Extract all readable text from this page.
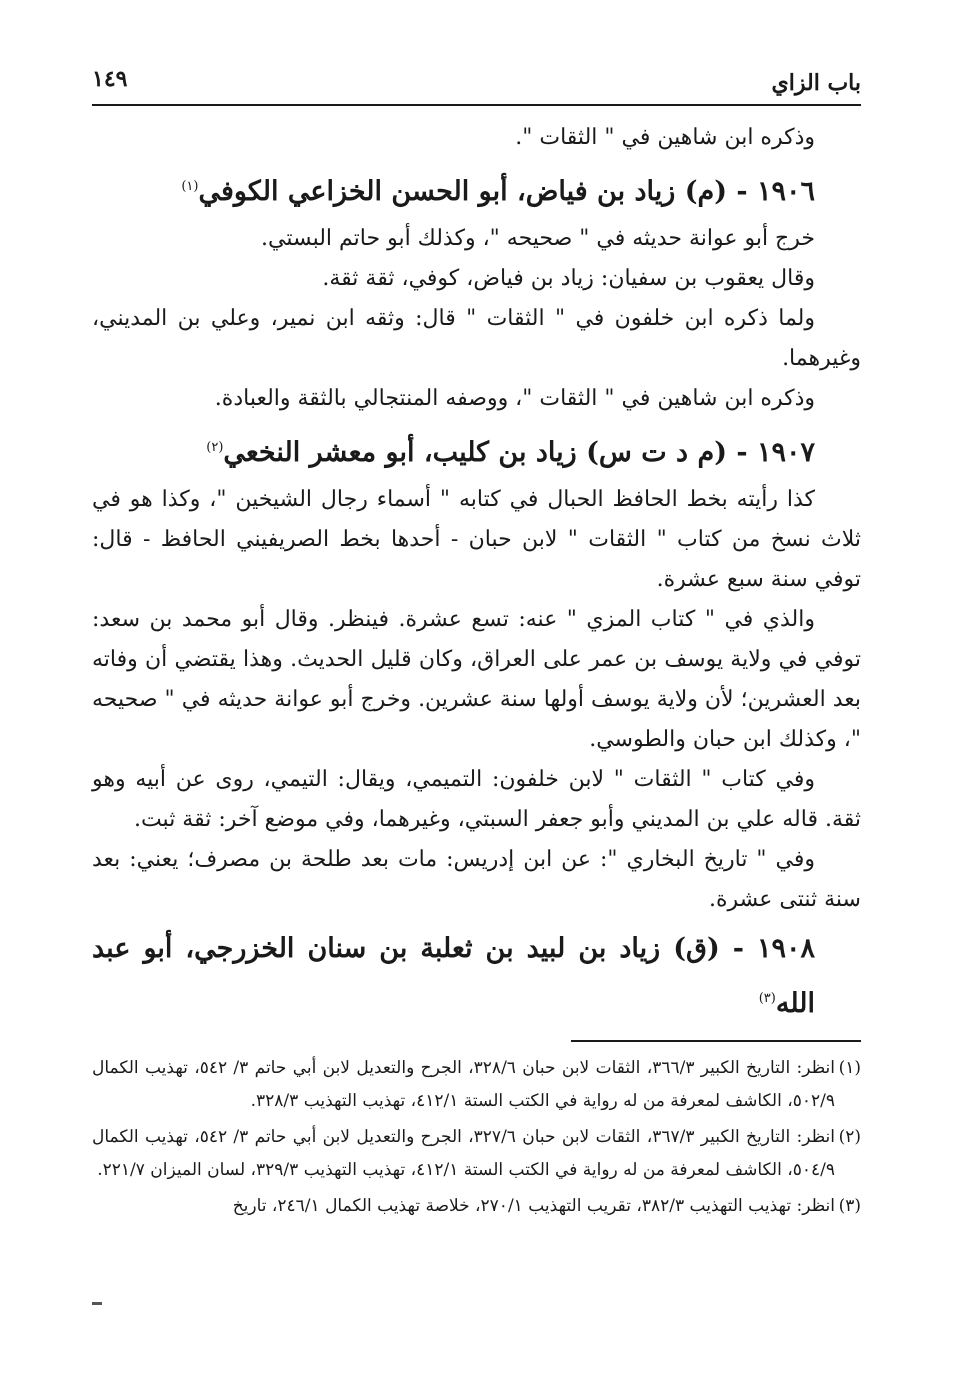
باب الزاي
١٤٩

وذكره ابن شاهين في " الثقات ".

١٩٠٦ - (م) زياد بن فياض، أبو الحسن الخزاعي الكوفي$^{(١)}$

خرج أبو عوانة حديثه في " صحيحه "، وكذلك أبو حاتم البستي.

وقال يعقوب بن سفيان: زياد بن فياض، كوفي، ثقة ثقة.

ولما ذكره ابن خلفون في " الثقات " قال: وثقه ابن نمير، وعلي بن المديني، وغيرهما.

وذكره ابن شاهين في " الثقات "، ووصفه المنتجالي بالثقة والعبادة.

١٩٠٧ - (م د ت س) زياد بن كليب، أبو معشر النخعي$^{(٢)}$

كذا رأيته بخط الحافظ الحبال في كتابه " أسماء رجال الشيخين "، وكذا هو في ثلاث نسخ من كتاب " الثقات " لابن حبان - أحدها بخط الصريفيني الحافظ - قال: توفي سنة سبع عشرة.

والذي في " كتاب المزي " عنه: تسع عشرة. فينظر. وقال أبو محمد بن سعد: توفي في ولاية يوسف بن عمر على العراق، وكان قليل الحديث. وهذا يقتضي أن وفاته بعد العشرين؛ لأن ولاية يوسف أولها سنة عشرين. وخرج أبو عوانة حديثه في " صحيحه "، وكذلك ابن حبان والطوسي.

وفي كتاب " الثقات " لابن خلفون: التميمي، ويقال: التيمي، روى عن أبيه وهو ثقة. قاله علي بن المديني وأبو جعفر السبتي، وغيرهما، وفي موضع آخر: ثقة ثبت.

وفي " تاريخ البخاري ": عن ابن إدريس: مات بعد طلحة بن مصرف؛ يعني: بعد سنة ثنتى عشرة.

١٩٠٨ - (ق) زياد بن لبيد بن ثعلبة بن سنان الخزرجي، أبو عبد الله$^{(٣)}$

(١)
انظر: التاريخ الكبير ٣٦٦/٣، الثقات لابن حبان ٣٢٨/٦، الجرح والتعديل لابن أبي حاتم ٣/ ٥٤٢، تهذيب الكمال ٥٠٢/٩، الكاشف لمعرفة من له رواية في الكتب الستة ٤١٢/١، تهذيب التهذيب ٣٢٨/٣.

(٢)
انظر: التاريخ الكبير ٣٦٧/٣، الثقات لابن حبان ٣٢٧/٦، الجرح والتعديل لابن أبي حاتم ٣/ ٥٤٢، تهذيب الكمال ٥٠٤/٩، الكاشف لمعرفة من له رواية في الكتب الستة ٤١٢/١، تهذيب التهذيب ٣٢٩/٣، لسان الميزان ٢٢١/٧.

(٣)
انظر: تهذيب التهذيب ٣٨٢/٣، تقريب التهذيب ٢٧٠/١، خلاصة تهذيب الكمال ٢٤٦/١، تاريخ
